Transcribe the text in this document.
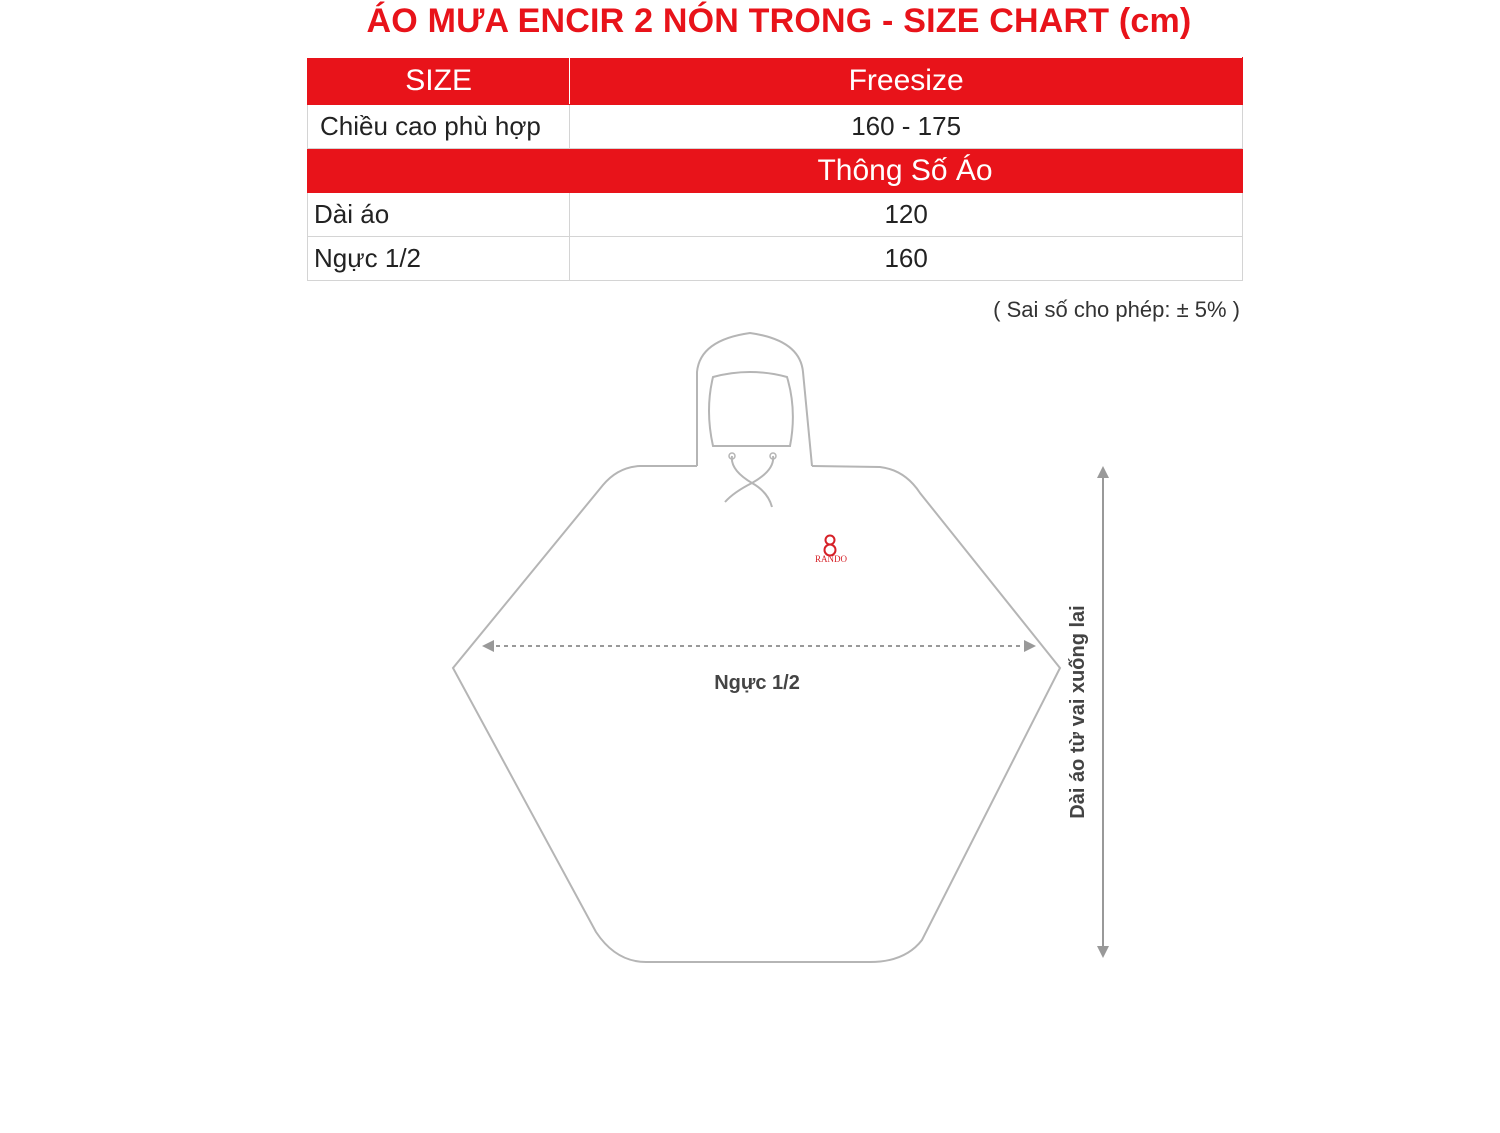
ÁO MƯA ENCIR 2 NÓN TRONG - SIZE CHART (cm)
SIZE	Freesize
Chiều cao phù hợp	160 - 175
Thông Số Áo	
Dài áo	120
Ngực 1/2	160
( Sai số cho phép: ± 5% )
RANDO
Ngực 1/2	Dài áo từ vai xuống lai
